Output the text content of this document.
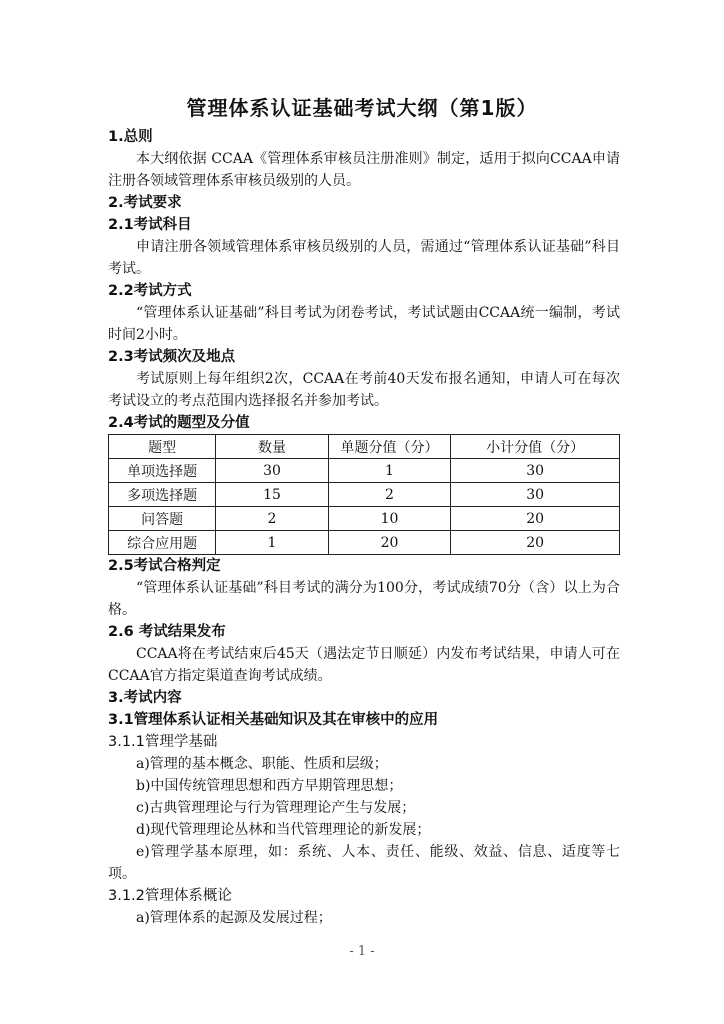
管理体系认证基础考试大纲（第1版）
1.总则
本大纲依据 CCAA《管理体系审核员注册准则》制定，适用于拟向CCAA申请注册各领域管理体系审核员级别的人员。
2.考试要求
2.1考试科目
申请注册各领域管理体系审核员级别的人员，需通过“管理体系认证基础”科目考试。
2.2考试方式
“管理体系认证基础”科目考试为闭卷考试，考试试题由CCAA统一编制，考试时间2小时。
2.3考试频次及地点
考试原则上每年组织2次，CCAA在考前40天发布报名通知，申请人可在每次考试设立的考点范围内选择报名并参加考试。
2.4考试的题型及分值
题型	数量	单题分值（分）	小计分值（分）
单项选择题	30	1	30
多项选择题	15	2	30
问答题	2	10	20
综合应用题	1	20	20
2.5考试合格判定
“管理体系认证基础”科目考试的满分为100分，考试成绩70分（含）以上为合格。
2.6 考试结果发布
CCAA将在考试结束后45天（遇法定节日顺延）内发布考试结果，申请人可在CCAA官方指定渠道查询考试成绩。
3.考试内容
3.1管理体系认证相关基础知识及其在审核中的应用
3.1.1管理学基础
a)管理的基本概念、职能、性质和层级；
b)中国传统管理思想和西方早期管理思想；
c)古典管理理论与行为管理理论产生与发展；
d)现代管理理论丛林和当代管理理论的新发展；
e)管理学基本原理，如：系统、人本、责任、能级、效益、信息、适度等七项。
3.1.2管理体系概论
a)管理体系的起源及发展过程；
- 1 -
